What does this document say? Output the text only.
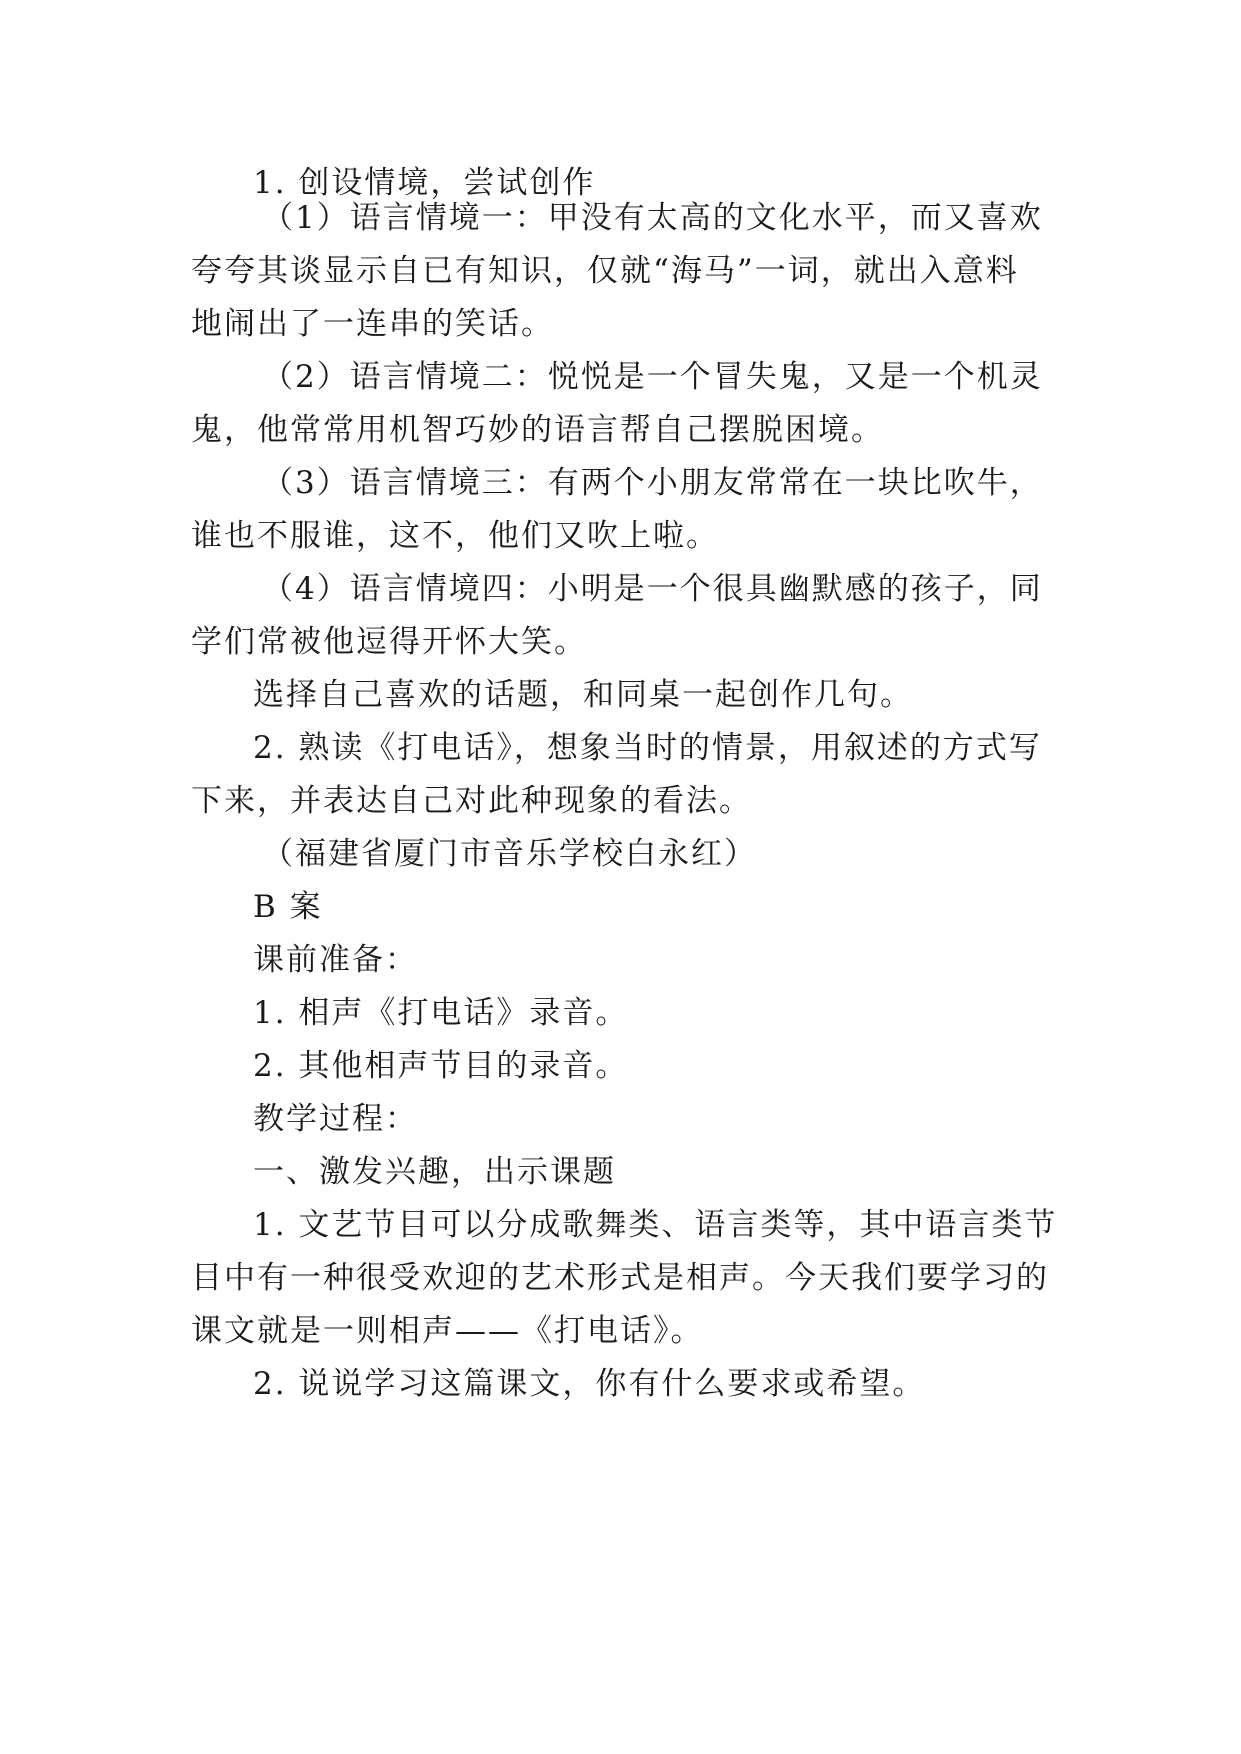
1. 创设情境，尝试创作
（1）语言情境一：甲没有太高的文化水平，而又喜欢
夸夸其谈显示自已有知识，仅就“海马”一词，就出入意料
地闹出了一连串的笑话。
（2）语言情境二：悦悦是一个冒失鬼，又是一个机灵
鬼，他常常用机智巧妙的语言帮自己摆脱困境。
（3）语言情境三：有两个小朋友常常在一块比吹牛，
谁也不服谁，这不，他们又吹上啦。
（4）语言情境四：小明是一个很具幽默感的孩子，同
学们常被他逗得开怀大笑。
选择自己喜欢的话题，和同桌一起创作几句。
2. 熟读《打电话》，想象当时的情景，用叙述的方式写
下来，并表达自己对此种现象的看法。
（福建省厦门市音乐学校白永红）
B 案
课前准备：
1. 相声《打电话》录音。
2. 其他相声节目的录音。
教学过程：
一、激发兴趣，出示课题
1. 文艺节目可以分成歌舞类、语言类等，其中语言类节
目中有一种很受欢迎的艺术形式是相声。今天我们要学习的
课文就是一则相声——《打电话》。
2. 说说学习这篇课文，你有什么要求或希望。
